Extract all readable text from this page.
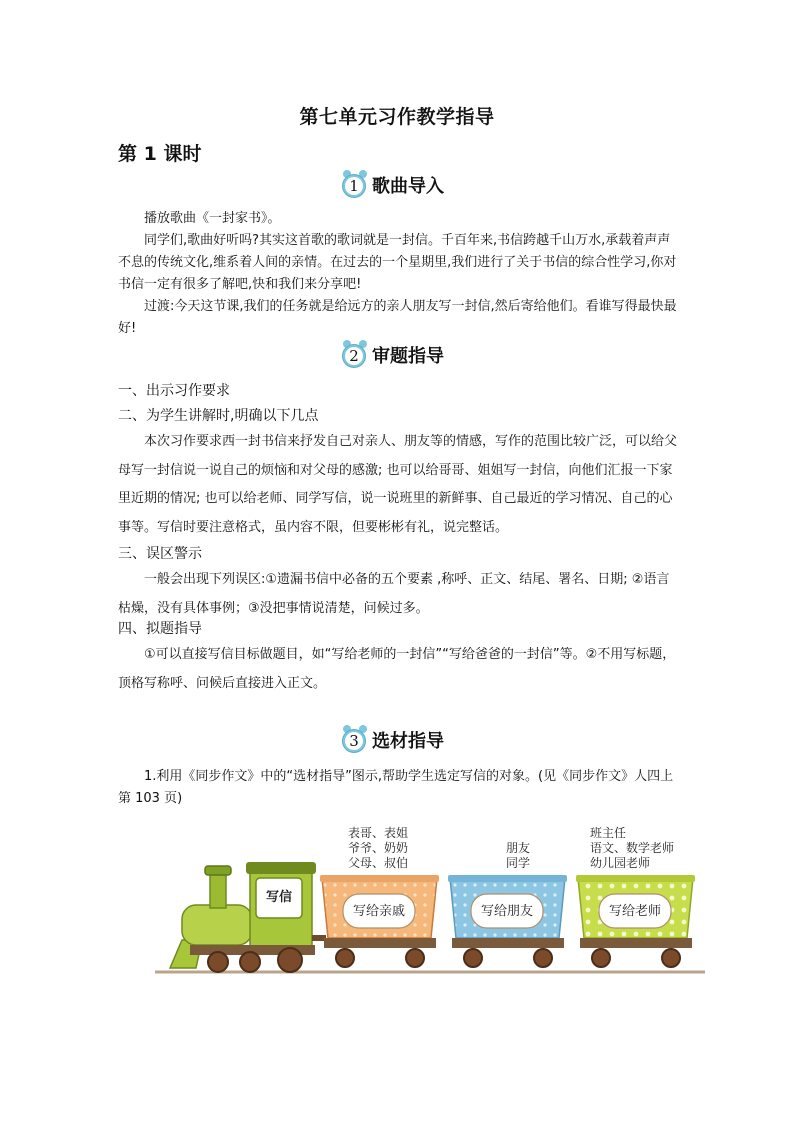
第七单元习作教学指导
第 1 课时
1 歌曲导入
播放歌曲《一封家书》。
同学们,歌曲好听吗?其实这首歌的歌词就是一封信。千百年来,书信跨越千山万水,承载着声声不息的传统文化,维系着人间的亲情。在过去的一个星期里,我们进行了关于书信的综合性学习,你对书信一定有很多了解吧,快和我们来分享吧!
过渡:今天这节课,我们的任务就是给远方的亲人朋友写一封信,然后寄给他们。看谁写得最快最好!
2 审题指导
一、出示习作要求
二、为学生讲解时,明确以下几点
本次习作要求西一封书信来抒发自己对亲人、朋友等的情感，写作的范围比较广泛，可以给父母写一封信说一说自己的烦恼和对父母的感激; 也可以给哥哥、姐姐写一封信，向他们汇报一下家里近期的情况; 也可以给老师、同学写信，说一说班里的新鲜事、自己最近的学习情况、自己的心事等。写信时要注意格式，虽内容不限，但要彬彬有礼，说完整话。
三、误区警示
一般会出现下列误区:①遗漏书信中必备的五个要素 ,称呼、正文、结尾、署名、日期; ②语言枯燥，没有具体事例；③没把事情说清楚，问候过多。
四、拟题指导
①可以直接写信目标做题目，如“写给老师的一封信”“写给爸爸的一封信”等。②不用写标题，顶格写称呼、问候后直接进入正文。
3 选材指导
1.利用《同步作文》中的“选材指导”图示,帮助学生选定写信的对象。(见《同步作文》人四上第 103 页)
表哥、表姐
爷爷、奶奶
父母、叔伯
朋友
同学
班主任
语文、数学老师
幼儿园老师
写信
写给亲戚	写给朋友	写给老师
